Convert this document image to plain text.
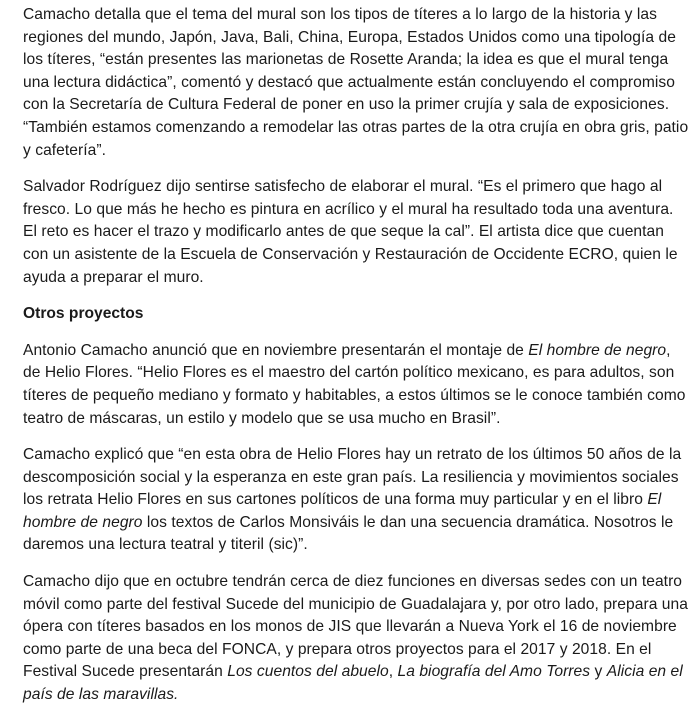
Camacho detalla que el tema del mural son los tipos de títeres a lo largo de la historia y las regiones del mundo, Japón, Java, Bali, China, Europa, Estados Unidos como una tipología de los títeres, “están presentes las marionetas de Rosette Aranda; la idea es que el mural tenga una lectura didáctica”, comentó y destacó que actualmente están concluyendo el compromiso con la Secretaría de Cultura Federal de poner en uso la primer crujía y sala de exposiciones. “También estamos comenzando a remodelar las otras partes de la otra crujía en obra gris, patio y cafetería”.

Salvador Rodríguez dijo sentirse satisfecho de elaborar el mural. “Es el primero que hago al fresco. Lo que más he hecho es pintura en acrílico y el mural ha resultado toda una aventura. El reto es hacer el trazo y modificarlo antes de que seque la cal”. El artista dice que cuentan con un asistente de la Escuela de Conservación y Restauración de Occidente ECRO, quien le ayuda a preparar el muro.

Otros proyectos

Antonio Camacho anunció que en noviembre presentarán el montaje de El hombre de negro, de Helio Flores. “Helio Flores es el maestro del cartón político mexicano, es para adultos, son títeres de pequeño mediano y formato y habitables, a estos últimos se le conoce también como teatro de máscaras, un estilo y modelo que se usa mucho en Brasil”.

Camacho explicó que “en esta obra de Helio Flores hay un retrato de los últimos 50 años de la descomposición social y la esperanza en este gran país. La resiliencia y movimientos sociales los retrata Helio Flores en sus cartones políticos de una forma muy particular y en el libro El hombre de negro los textos de Carlos Monsiváis le dan una secuencia dramática. Nosotros le daremos una lectura teatral y titeril (sic)”.

Camacho dijo que en octubre tendrán cerca de diez funciones en diversas sedes con un teatro móvil como parte del festival Sucede del municipio de Guadalajara y, por otro lado, prepara una ópera con títeres basados en los monos de JIS que llevarán a Nueva York el 16 de noviembre como parte de una beca del FONCA, y prepara otros proyectos para el 2017 y 2018. En el Festival Sucede presentarán Los cuentos del abuelo, La biografía del Amo Torres y Alicia en el país de las maravillas.
